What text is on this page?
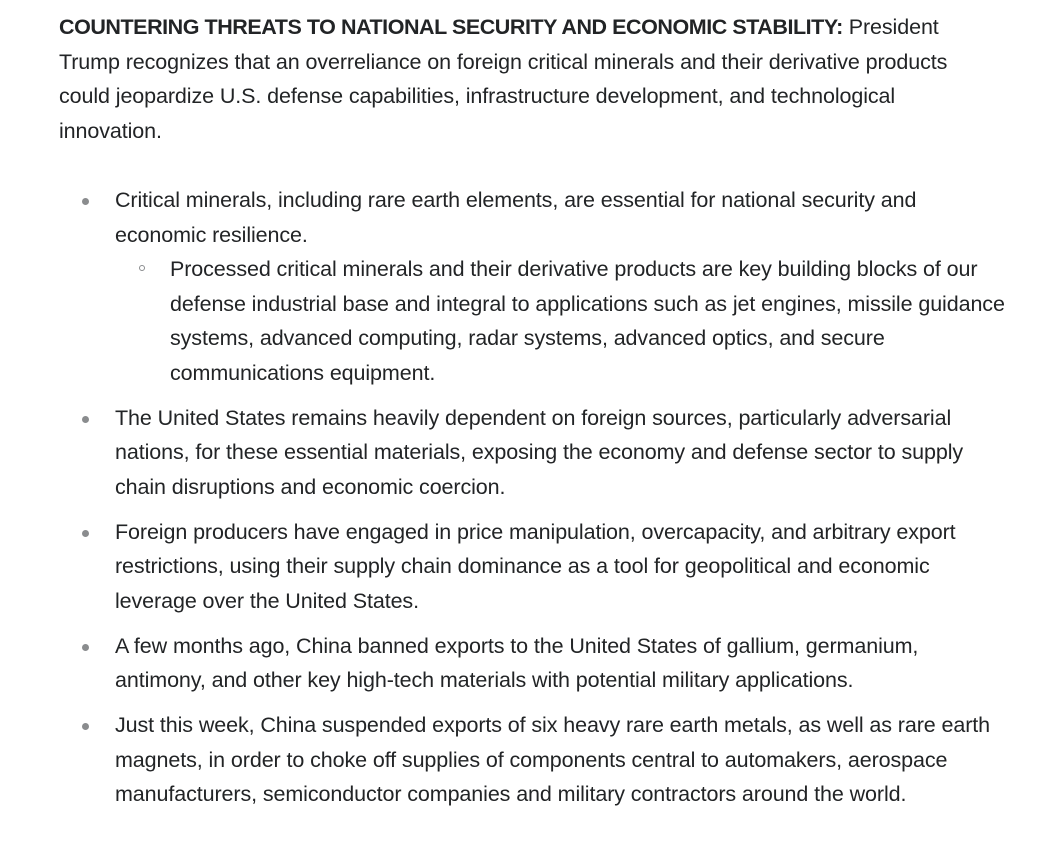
COUNTERING THREATS TO NATIONAL SECURITY AND ECONOMIC STABILITY: President Trump recognizes that an overreliance on foreign critical minerals and their derivative products could jeopardize U.S. defense capabilities, infrastructure development, and technological innovation.

Critical minerals, including rare earth elements, are essential for national security and economic resilience.
Processed critical minerals and their derivative products are key building blocks of our defense industrial base and integral to applications such as jet engines, missile guidance systems, advanced computing, radar systems, advanced optics, and secure communications equipment.
The United States remains heavily dependent on foreign sources, particularly adversarial nations, for these essential materials, exposing the economy and defense sector to supply chain disruptions and economic coercion.
Foreign producers have engaged in price manipulation, overcapacity, and arbitrary export restrictions, using their supply chain dominance as a tool for geopolitical and economic leverage over the United States.
A few months ago, China banned exports to the United States of gallium, germanium, antimony, and other key high-tech materials with potential military applications.
Just this week, China suspended exports of six heavy rare earth metals, as well as rare earth magnets, in order to choke off supplies of components central to automakers, aerospace manufacturers, semiconductor companies and military contractors around the world.
